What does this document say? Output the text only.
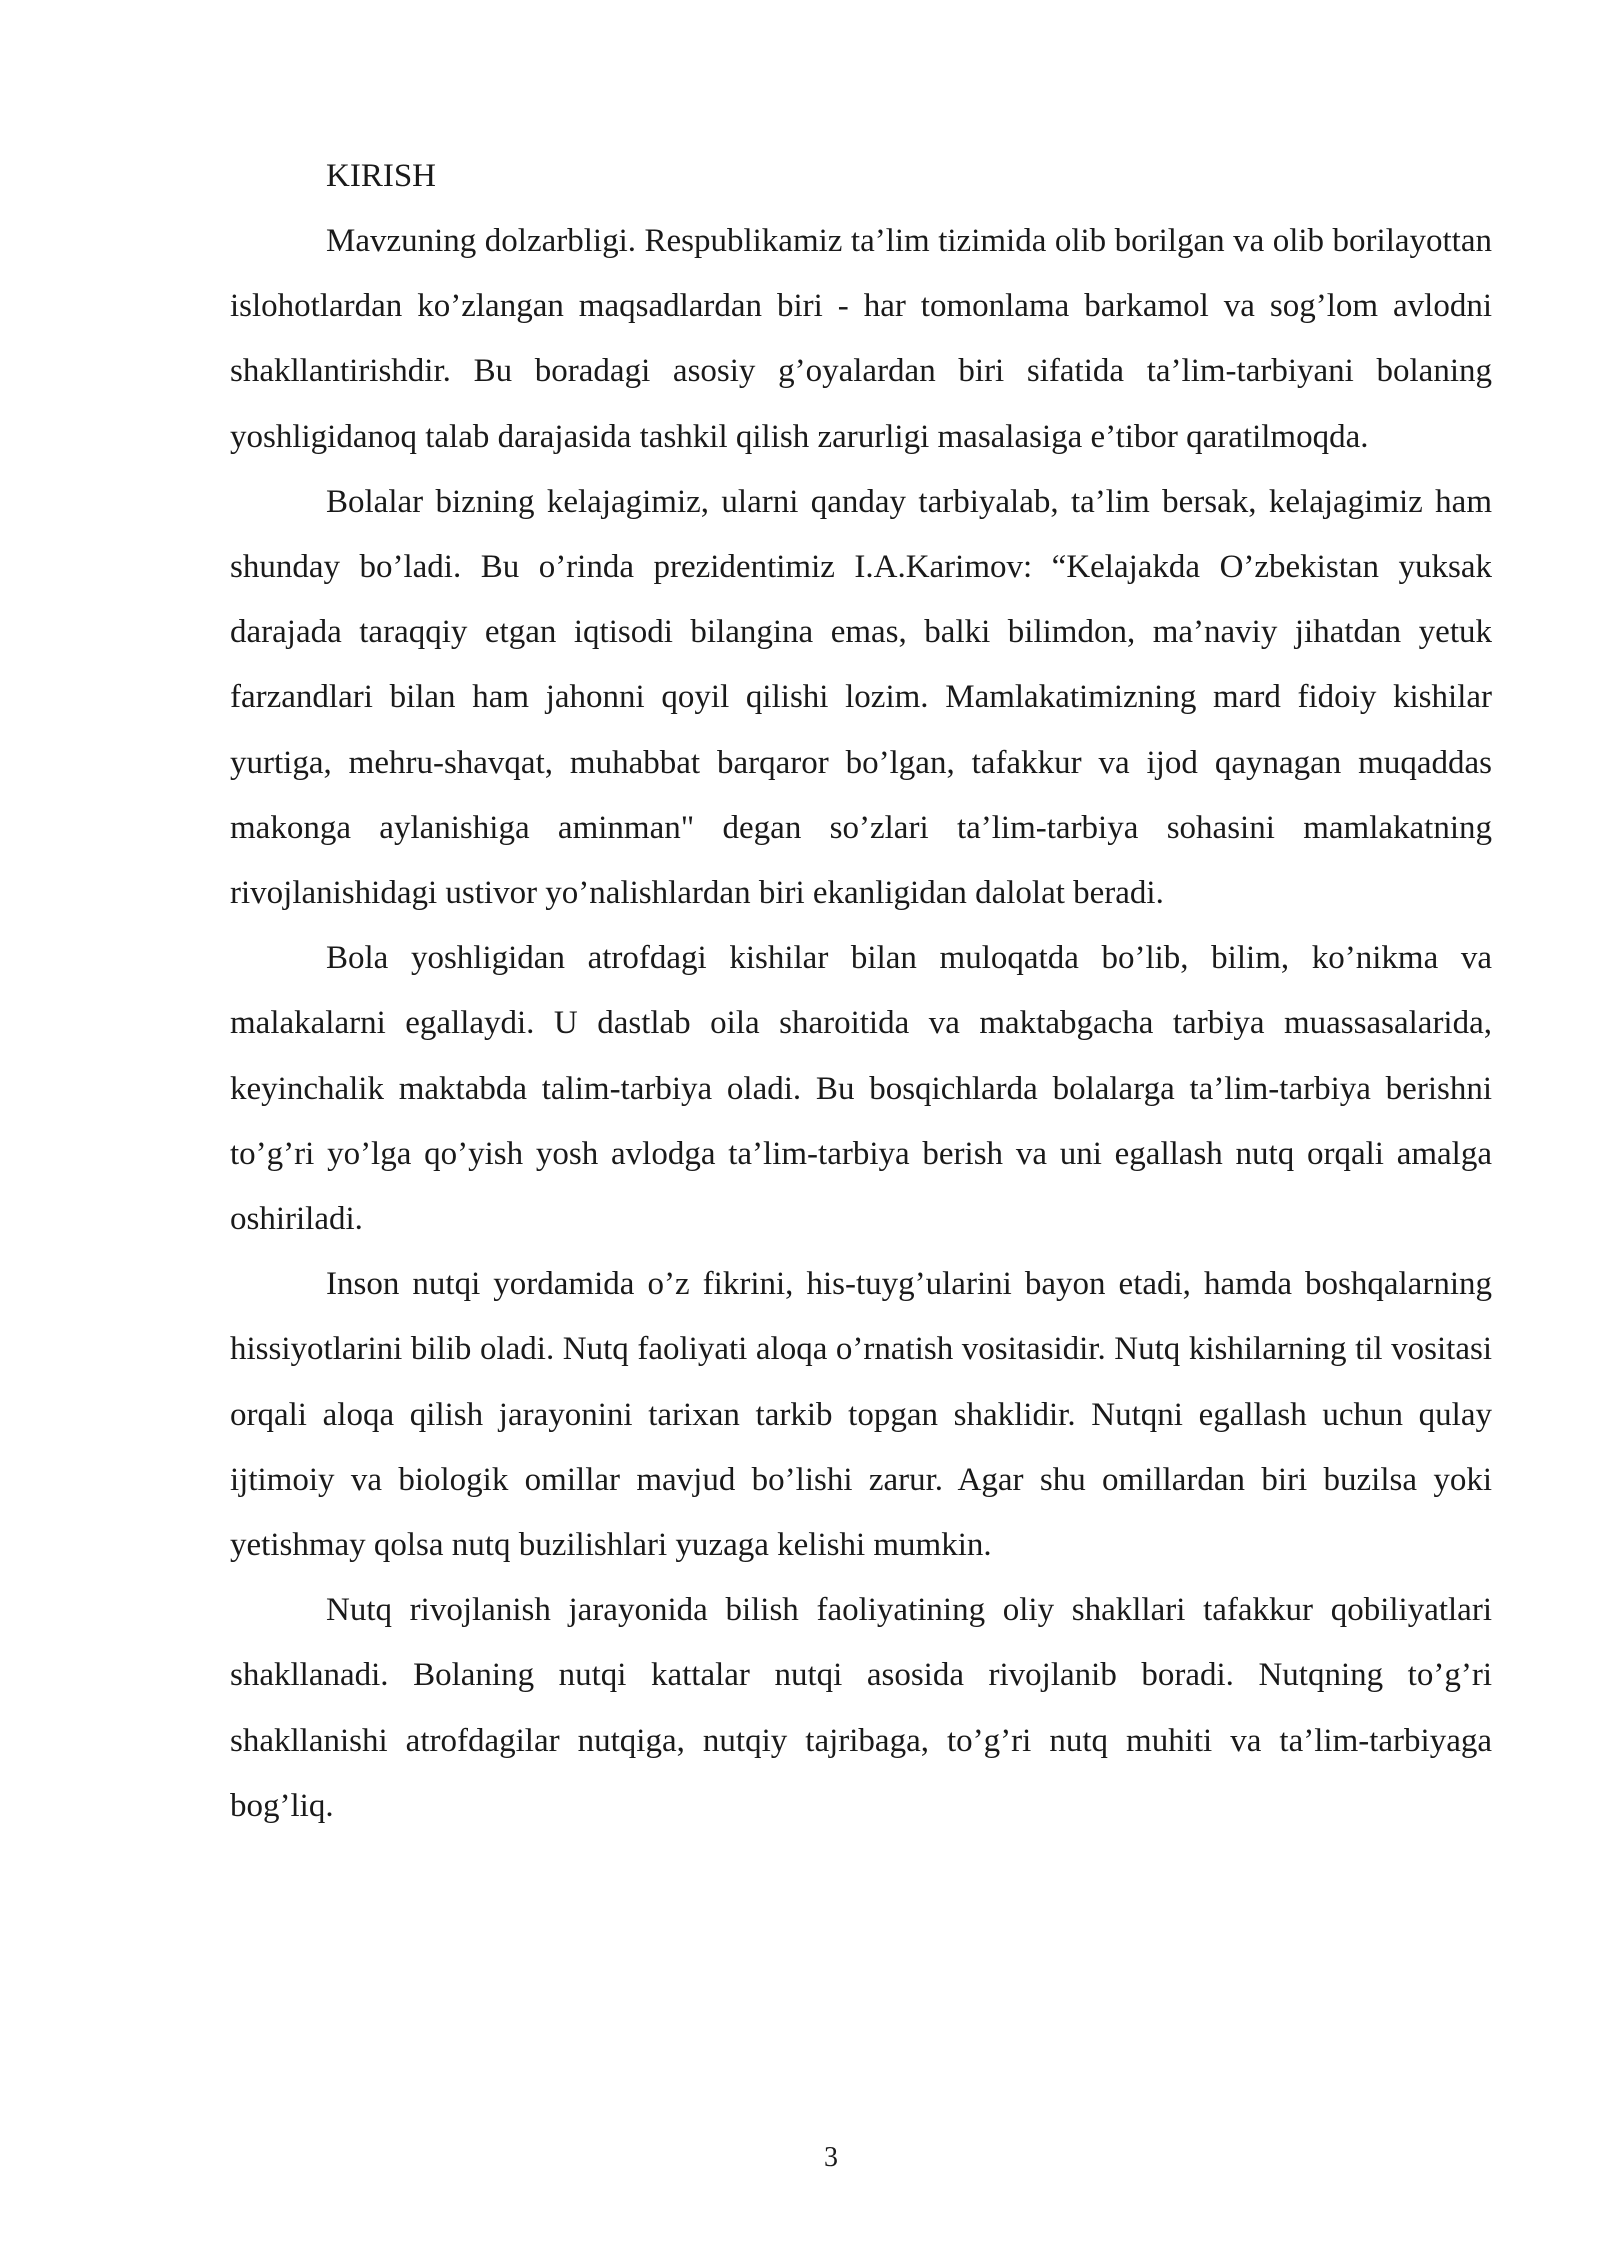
KIRISH

Mavzuning dolzarbligi. Respublikamiz ta’lim tizimida olib borilgan va olib borilayottan islohotlardan ko’zlangan maqsadlardan biri - har tomonlama barkamol va sog’lom avlodni shakllantirishdir. Bu boradagi asosiy g’oyalardan biri sifatida ta’lim-tarbiyani bolaning yoshligidanoq talab darajasida tashkil qilish zarurligi masalasiga e’tibor qaratilmoqda.

Bolalar bizning kelajagimiz, ularni qanday tarbiyalab, ta’lim bersak, kelajagimiz ham shunday bo’ladi. Bu o’rinda prezidentimiz I.A.Karimov: “Kelajakda O’zbekistan yuksak darajada taraqqiy etgan iqtisodi bilangina emas, balki bilimdon, ma’naviy jihatdan yetuk farzandlari bilan ham jahonni qoyil qilishi lozim. Mamlakatimizning mard fidoiy kishilar yurtiga, mehru-shavqat, muhabbat barqaror bo’lgan, tafakkur va ijod qaynagan muqaddas makonga aylanishiga aminman" degan so’zlari ta’lim-tarbiya sohasini mamlakatning rivojlanishidagi ustivor yo’nalishlardan biri ekanligidan dalolat beradi.

Bola yoshligidan atrofdagi kishilar bilan muloqatda bo’lib, bilim, ko’nikma va malakalarni egallaydi. U dastlab oila sharoitida va maktabgacha tarbiya muassasalarida, keyinchalik maktabda talim-tarbiya oladi. Bu bosqichlarda bolalarga ta’lim-tarbiya berishni to’g’ri yo’lga qo’yish yosh avlodga ta’lim-tarbiya berish va uni egallash nutq orqali amalga oshiriladi.

Inson nutqi yordamida o’z fikrini, his-tuyg’ularini bayon etadi, hamda boshqalarning hissiyotlarini bilib oladi. Nutq faoliyati aloqa o’rnatish vositasidir. Nutq kishilarning til vositasi orqali aloqa qilish jarayonini tarixan tarkib topgan shaklidir. Nutqni egallash uchun qulay ijtimoiy va biologik omillar mavjud bo’lishi zarur. Agar shu omillardan biri buzilsa yoki yetishmay qolsa nutq buzilishlari yuzaga kelishi mumkin.

Nutq rivojlanish jarayonida bilish faoliyatining oliy shakllari tafakkur qobiliyatlari shakllanadi. Bolaning nutqi kattalar nutqi asosida rivojlanib boradi. Nutqning to’g’ri shakllanishi atrofdagilar nutqiga, nutqiy tajribaga, to’g’ri nutq muhiti va ta’lim-tarbiyaga bog’liq.

3
